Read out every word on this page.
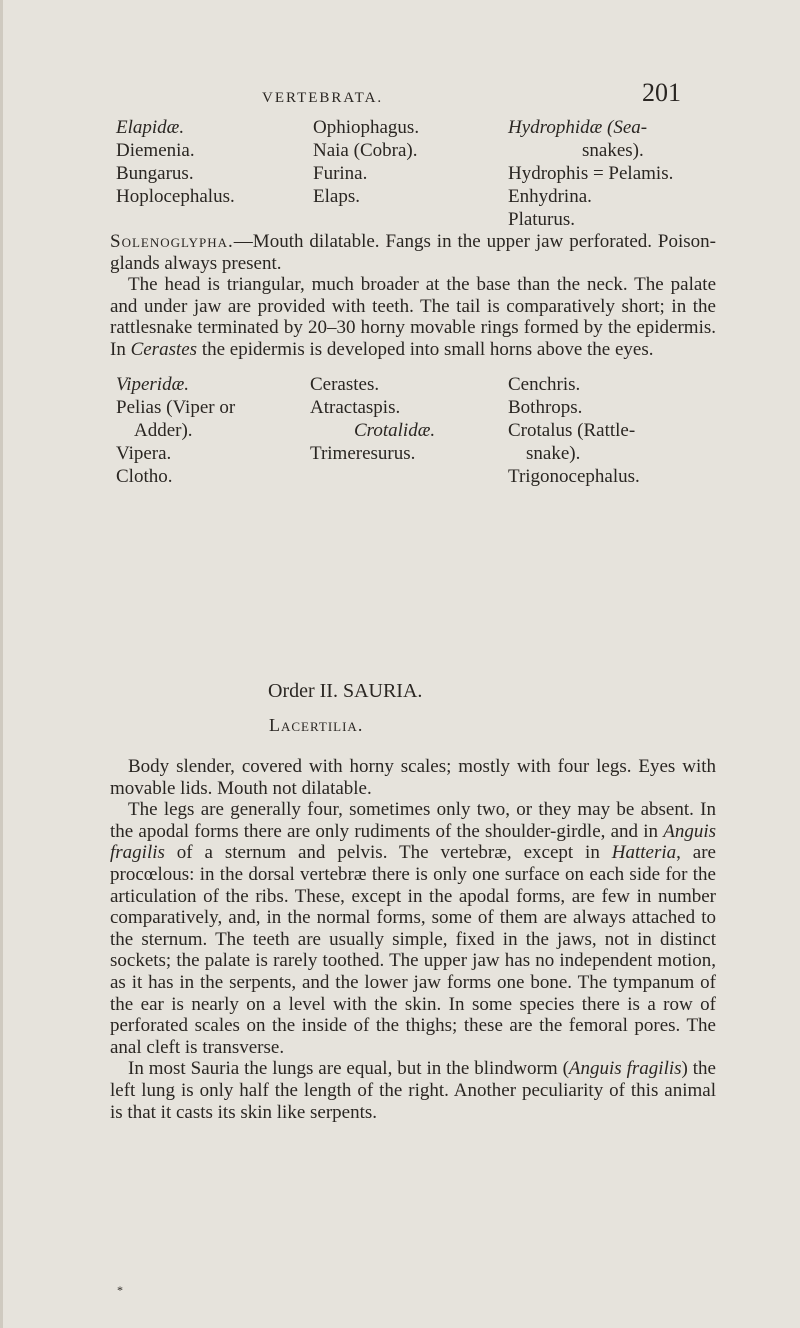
VERTEBRATA.	201
Elapidæ.
Diemenia.
Bungarus.
Hoplocephalus.
Ophiophagus.
Naia (Cobra).
Furina.
Elaps.
Hydrophidæ (Sea-
snakes).
Hydrophis = Pelamis.
Enhydrina.
Platurus.

Solenoglypha.—Mouth dilatable. Fangs in the upper jaw perforated. Poison-glands always present.

The head is triangular, much broader at the base than the neck. The palate and under jaw are provided with teeth. The tail is comparatively short; in the rattlesnake terminated by 20–30 horny movable rings formed by the epidermis. In Cerastes the epidermis is developed into small horns above the eyes.

Viperidæ.
Pelias (Viper or
Adder).
Vipera.
Clotho.
Cerastes.
Atractaspis.
Crotalidæ.
Trimeresurus.
Cenchris.
Bothrops.
Crotalus (Rattle-
snake).
Trigonocephalus.
Order II. SAURIA.
Lacertilia.

Body slender, covered with horny scales; mostly with four legs. Eyes with movable lids. Mouth not dilatable.

The legs are generally four, sometimes only two, or they may be absent. In the apodal forms there are only rudiments of the shoulder-girdle, and in Anguis fragilis of a sternum and pelvis. The vertebræ, except in Hatteria, are procœlous: in the dorsal vertebræ there is only one surface on each side for the articulation of the ribs. These, except in the apodal forms, are few in number comparatively, and, in the normal forms, some of them are always attached to the sternum. The teeth are usually simple, fixed in the jaws, not in distinct sockets; the palate is rarely toothed. The upper jaw has no independent motion, as it has in the serpents, and the lower jaw forms one bone. The tympanum of the ear is nearly on a level with the skin. In some species there is a row of perforated scales on the inside of the thighs; these are the femoral pores. The anal cleft is transverse.

In most Sauria the lungs are equal, but in the blindworm (Anguis fragilis) the left lung is only half the length of the right. Another peculiarity of this animal is that it casts its skin like serpents.

*
